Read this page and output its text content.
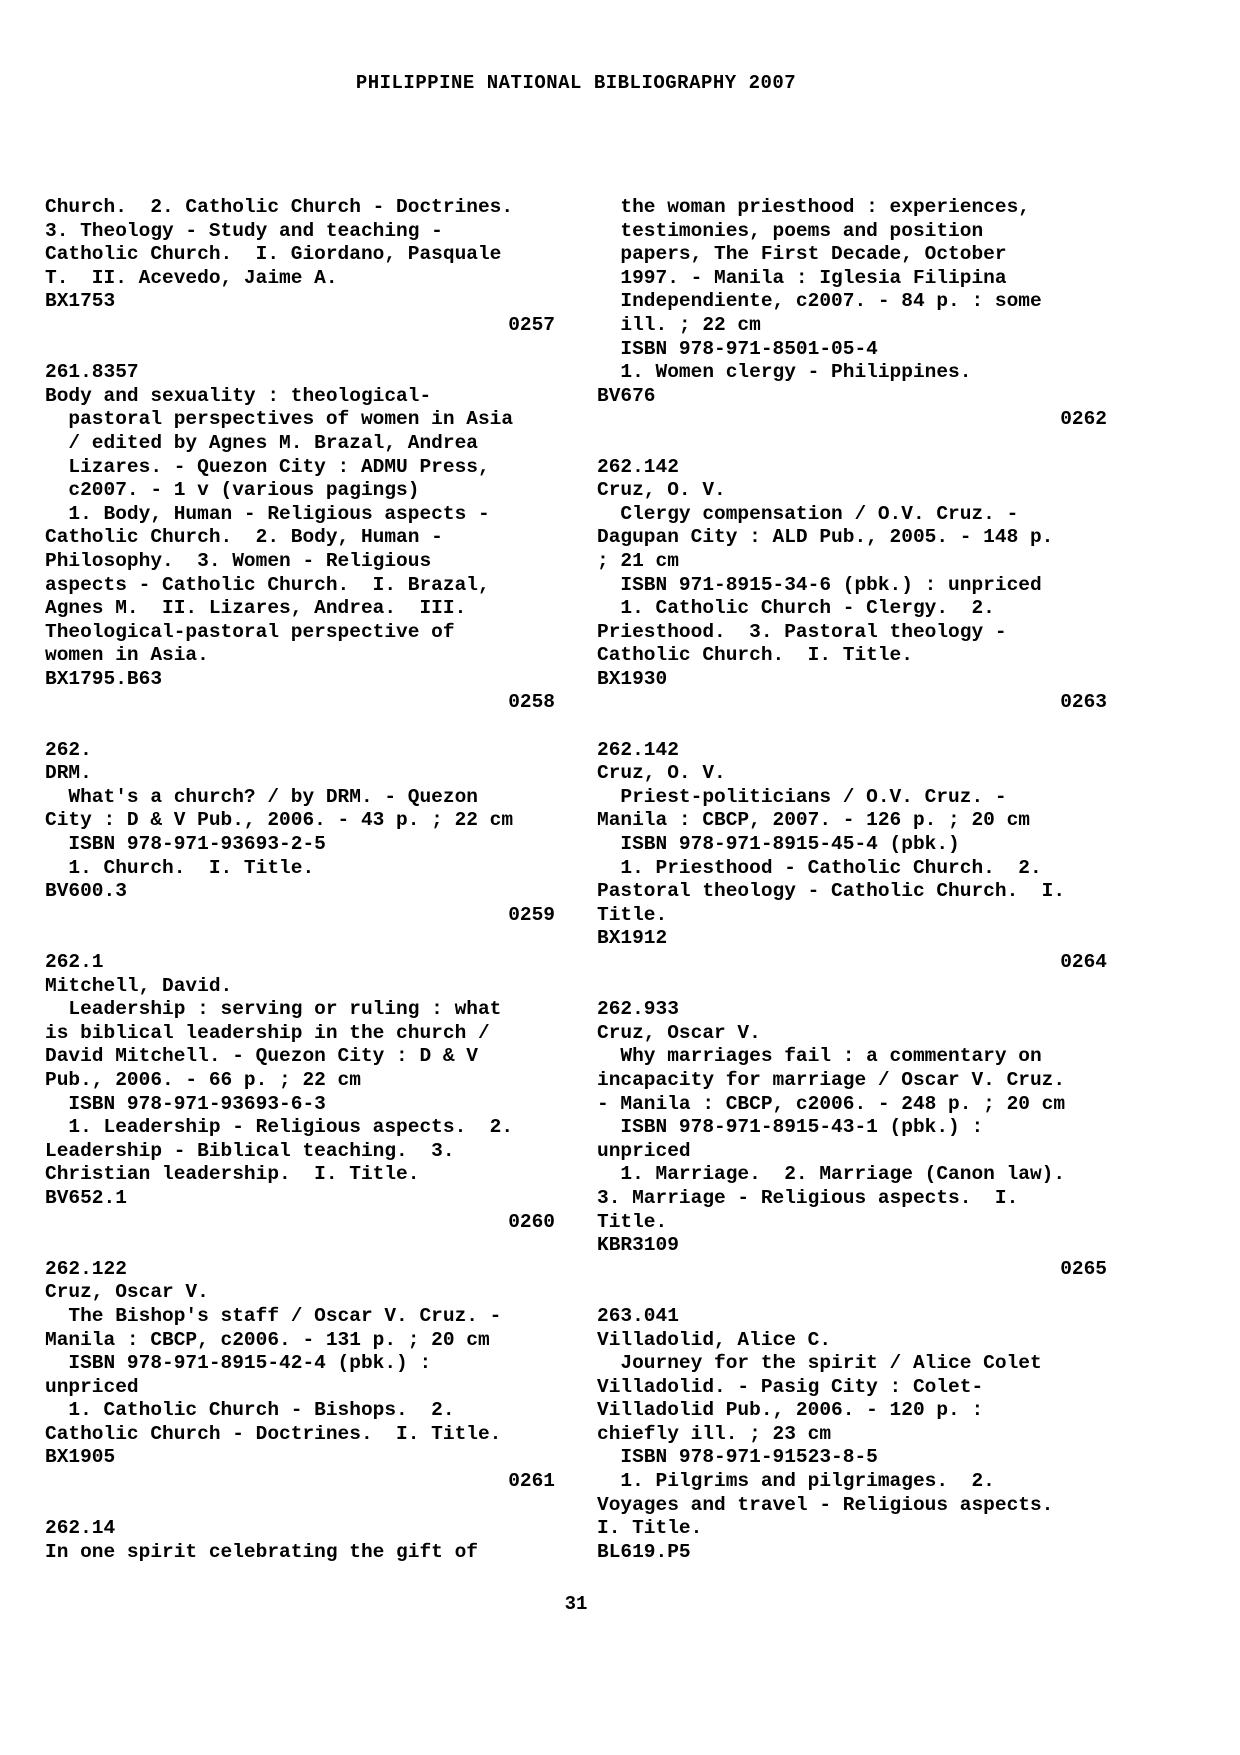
PHILIPPINE NATIONAL BIBLIOGRAPHY 2007
Church.  2. Catholic Church - Doctrines.
3. Theology - Study and teaching -
Catholic Church.  I. Giordano, Pasquale
T.  II. Acevedo, Jaime A.
BX1753
0257
261.8357
Body and sexuality : theological-
pastoral perspectives of women in Asia
/ edited by Agnes M. Brazal, Andrea
Lizares. - Quezon City : ADMU Press,
c2007. - 1 v (various pagings)
1. Body, Human - Religious aspects -
Catholic Church.  2. Body, Human -
Philosophy.  3. Women - Religious
aspects - Catholic Church.  I. Brazal,
Agnes M.  II. Lizares, Andrea.  III.
Theological-pastoral perspective of
women in Asia.
BX1795.B63
0258
262.
DRM.
What's a church? / by DRM. - Quezon
City : D & V Pub., 2006. - 43 p. ; 22 cm
ISBN 978-971-93693-2-5
1. Church.  I. Title.
BV600.3
0259
262.1
Mitchell, David.
Leadership : serving or ruling : what
is biblical leadership in the church /
David Mitchell. - Quezon City : D & V
Pub., 2006. - 66 p. ; 22 cm
ISBN 978-971-93693-6-3
1. Leadership - Religious aspects.  2.
Leadership - Biblical teaching.  3.
Christian leadership.  I. Title.
BV652.1
0260
262.122
Cruz, Oscar V.
The Bishop's staff / Oscar V. Cruz. -
Manila : CBCP, c2006. - 131 p. ; 20 cm
ISBN 978-971-8915-42-4 (pbk.) :
unpriced
1. Catholic Church - Bishops.  2.
Catholic Church - Doctrines.  I. Title.
BX1905
0261
262.14
In one spirit celebrating the gift of
the woman priesthood : experiences,
testimonies, poems and position
papers, The First Decade, October
1997. - Manila : Iglesia Filipina
Independiente, c2007. - 84 p. : some
ill. ; 22 cm
ISBN 978-971-8501-05-4
1. Women clergy - Philippines.
BV676
0262
262.142
Cruz, O. V.
Clergy compensation / O.V. Cruz. -
Dagupan City : ALD Pub., 2005. - 148 p.
; 21 cm
ISBN 971-8915-34-6 (pbk.) : unpriced
1. Catholic Church - Clergy.  2.
Priesthood.  3. Pastoral theology -
Catholic Church.  I. Title.
BX1930
0263
262.142
Cruz, O. V.
Priest-politicians / O.V. Cruz. -
Manila : CBCP, 2007. - 126 p. ; 20 cm
ISBN 978-971-8915-45-4 (pbk.)
1. Priesthood - Catholic Church.  2.
Pastoral theology - Catholic Church.  I.
Title.
BX1912
0264
262.933
Cruz, Oscar V.
Why marriages fail : a commentary on
incapacity for marriage / Oscar V. Cruz.
- Manila : CBCP, c2006. - 248 p. ; 20 cm
ISBN 978-971-8915-43-1 (pbk.) :
unpriced
1. Marriage.  2. Marriage (Canon law).
3. Marriage - Religious aspects.  I.
Title.
KBR3109
0265
263.041
Villadolid, Alice C.
Journey for the spirit / Alice Colet
Villadolid. - Pasig City : Colet-
Villadolid Pub., 2006. - 120 p. :
chiefly ill. ; 23 cm
ISBN 978-971-91523-8-5
1. Pilgrims and pilgrimages.  2.
Voyages and travel - Religious aspects.
I. Title.
BL619.P5
31
